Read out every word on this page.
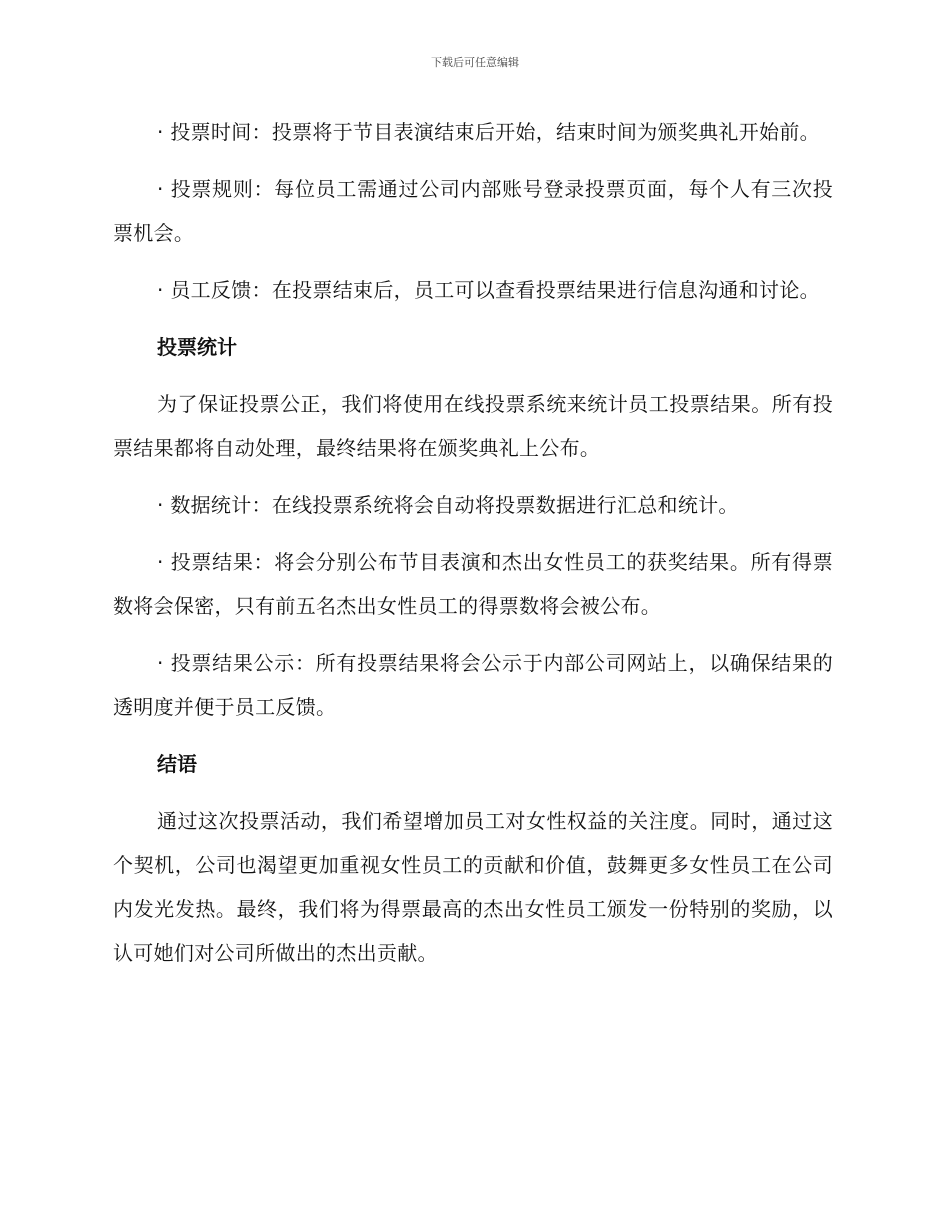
下载后可任意编辑

· 投票时间：投票将于节目表演结束后开始，结束时间为颁奖典礼开始前。

· 投票规则：每位员工需通过公司内部账号登录投票页面，每个人有三次投票机会。

· 员工反馈：在投票结束后，员工可以查看投票结果进行信息沟通和讨论。

投票统计

为了保证投票公正，我们将使用在线投票系统来统计员工投票结果。所有投票结果都将自动处理，最终结果将在颁奖典礼上公布。

· 数据统计：在线投票系统将会自动将投票数据进行汇总和统计。

· 投票结果：将会分别公布节目表演和杰出女性员工的获奖结果。所有得票数将会保密，只有前五名杰出女性员工的得票数将会被公布。

· 投票结果公示：所有投票结果将会公示于内部公司网站上，以确保结果的透明度并便于员工反馈。

结语

通过这次投票活动，我们希望增加员工对女性权益的关注度。同时，通过这个契机，公司也渴望更加重视女性员工的贡献和价值，鼓舞更多女性员工在公司内发光发热。最终，我们将为得票最高的杰出女性员工颁发一份特别的奖励，以认可她们对公司所做出的杰出贡献。
